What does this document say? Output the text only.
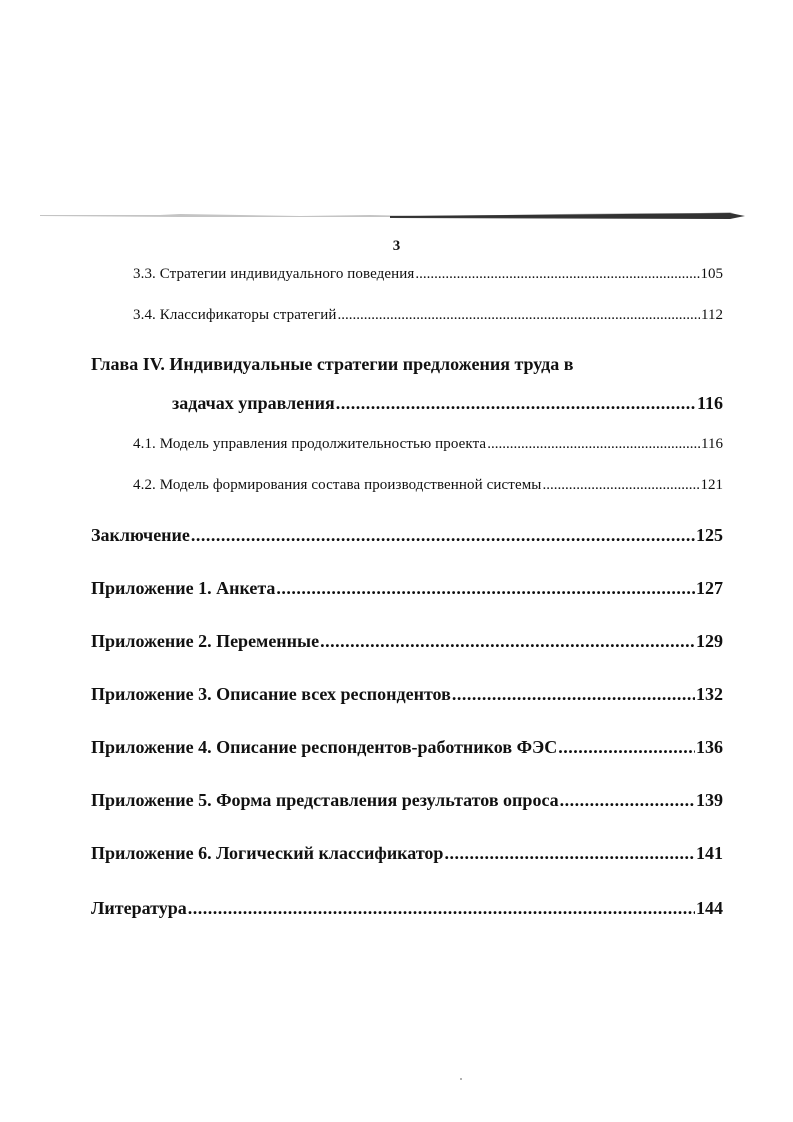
3
3.3. Стратегии индивидуального поведения .....	105
3.4. Классификаторы стратегий .....	112
Глава IV. Индивидуальные стратегии предложения труда в
задачах управления .....	116
4.1. Модель управления продолжительностью проекта .....	116
4.2. Модель формирования состава производственной системы .....	121
Заключение .....	125
Приложение 1. Анкета .....	127
Приложение 2. Переменные .....	129
Приложение 3. Описание всех респондентов .....	132
Приложение 4. Описание респондентов-работников ФЭС .....	136
Приложение 5. Форма представления результатов опроса .....	139
Приложение 6. Логический классификатор .....	141
Литература .....	144
